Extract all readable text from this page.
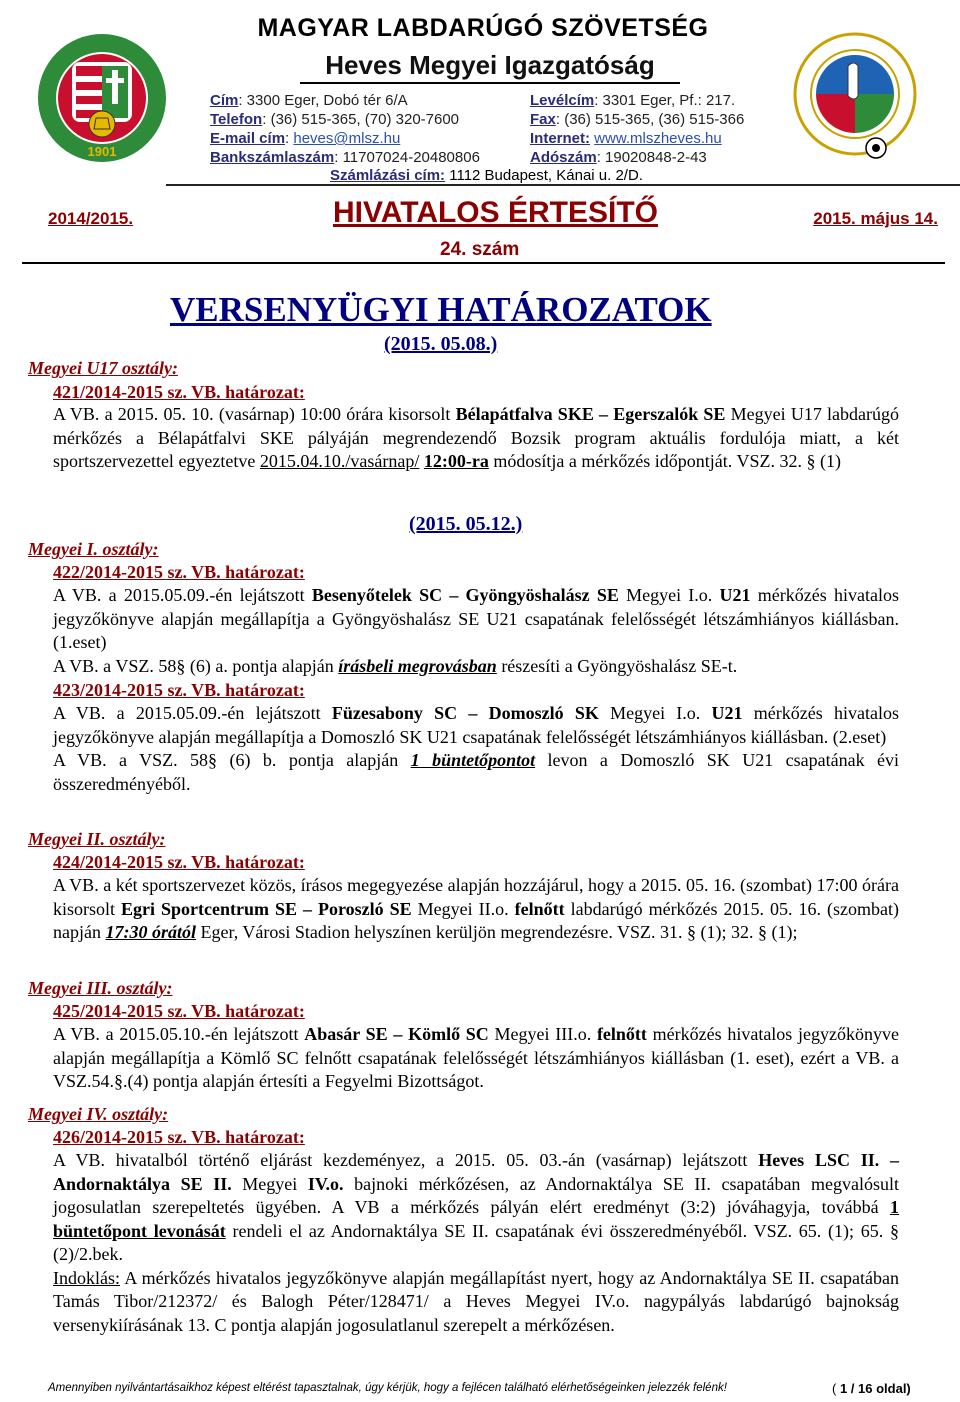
1901
MAGYAR LABDARÚGÓ SZÖVETSÉG
Heves Megyei Igazgatóság
Cím: 3300 Eger, Dobó tér 6/A
Telefon: (36) 515-365, (70) 320-7600
E-mail cím: heves@mlsz.hu
Bankszámlaszám: 11707024-20480806
Levélcím: 3301 Eger, Pf.: 217.
Fax: (36) 515-365, (36) 515-366
Internet: www.mlszheves.hu
Adószám: 19020848-2-43
Számlázási cím: 1112 Budapest, Kánai u. 2/D.
2014/2015.	HIVATALOS ÉRTESÍTŐ	2015. május 14.
24. szám
VERSENYÜGYI HATÁROZATOK
(2015. 05.08.)
Megyei U17 osztály:
421/2014-2015 sz. VB. határozat:
A VB. a 2015. 05. 10. (vasárnap) 10:00 órára kisorsolt Bélapátfalva SKE – Egerszalók SE Megyei U17 labdarúgó mérkőzés a Bélapátfalvi SKE pályáján megrendezendő Bozsik program aktuális fordulója miatt, a két sportszervezettel egyeztetve 2015.04.10./vasárnap/ 12:00-ra módosítja a mérkőzés időpontját. VSZ. 32. § (1)
(2015. 05.12.)
Megyei I. osztály:
422/2014-2015 sz. VB. határozat:
A VB. a 2015.05.09.-én lejátszott Besenyőtelek SC – Gyöngyöshalász SE Megyei I.o. U21 mérkőzés hivatalos jegyzőkönyve alapján megállapítja a Gyöngyöshalász SE U21 csapatának felelősségét létszámhiányos kiállásban. (1.eset)
A VB. a VSZ. 58§ (6) a. pontja alapján írásbeli megrovásban részesíti a Gyöngyöshalász SE-t.
423/2014-2015 sz. VB. határozat:
A VB. a 2015.05.09.-én lejátszott Füzesabony SC – Domoszló SK Megyei I.o. U21 mérkőzés hivatalos jegyzőkönyve alapján megállapítja a Domoszló SK U21 csapatának felelősségét létszámhiányos kiállásban. (2.eset)
A VB. a VSZ. 58§ (6) b. pontja alapján 1 büntetőpontot levon a Domoszló SK U21 csapatának évi összeredményéből.
Megyei II. osztály:
424/2014-2015 sz. VB. határozat:
A VB. a két sportszervezet közös, írásos megegyezése alapján hozzájárul, hogy a 2015. 05. 16. (szombat) 17:00 órára kisorsolt Egri Sportcentrum SE – Poroszló SE Megyei II.o. felnőtt labdarúgó mérkőzés 2015. 05. 16. (szombat) napján 17:30 órától Eger, Városi Stadion helyszínen kerüljön megrendezésre. VSZ. 31. § (1); 32. § (1);
Megyei III. osztály:
425/2014-2015 sz. VB. határozat:
A VB. a 2015.05.10.-én lejátszott Abasár SE – Kömlő SC Megyei III.o. felnőtt mérkőzés hivatalos jegyzőkönyve alapján megállapítja a Kömlő SC felnőtt csapatának felelősségét létszámhiányos kiállásban (1. eset), ezért a VB. a VSZ.54.§.(4) pontja alapján értesíti a Fegyelmi Bizottságot.
Megyei IV. osztály:
426/2014-2015 sz. VB. határozat:
A VB. hivatalból történő eljárást kezdeményez, a 2015. 05. 03.-án (vasárnap) lejátszott Heves LSC II. – Andornaktálya SE II. Megyei IV.o. bajnoki mérkőzésen, az Andornaktálya SE II. csapatában megvalósult jogosulatlan szerepeltetés ügyében. A VB a mérkőzés pályán elért eredményt (3:2) jóváhagyja, továbbá 1 büntetőpont levonását rendeli el az Andornaktálya SE II. csapatának évi összeredményéből. VSZ. 65. (1); 65. § (2)/2.bek.
Indoklás: A mérkőzés hivatalos jegyzőkönyve alapján megállapítást nyert, hogy az Andornaktálya SE II. csapatában Tamás Tibor/212372/ és Balogh Péter/128471/ a Heves Megyei IV.o. nagypályás labdarúgó bajnokság versenykiírásának 13. C pontja alapján jogosulatlanul szerepelt a mérkőzésen.
Amennyiben nyilvántartásaikhoz képest eltérést tapasztalnak, úgy kérjük, hogy a fejlécen található elérhetőségeinken jelezzék felénk!	( 1 / 16 oldal)
